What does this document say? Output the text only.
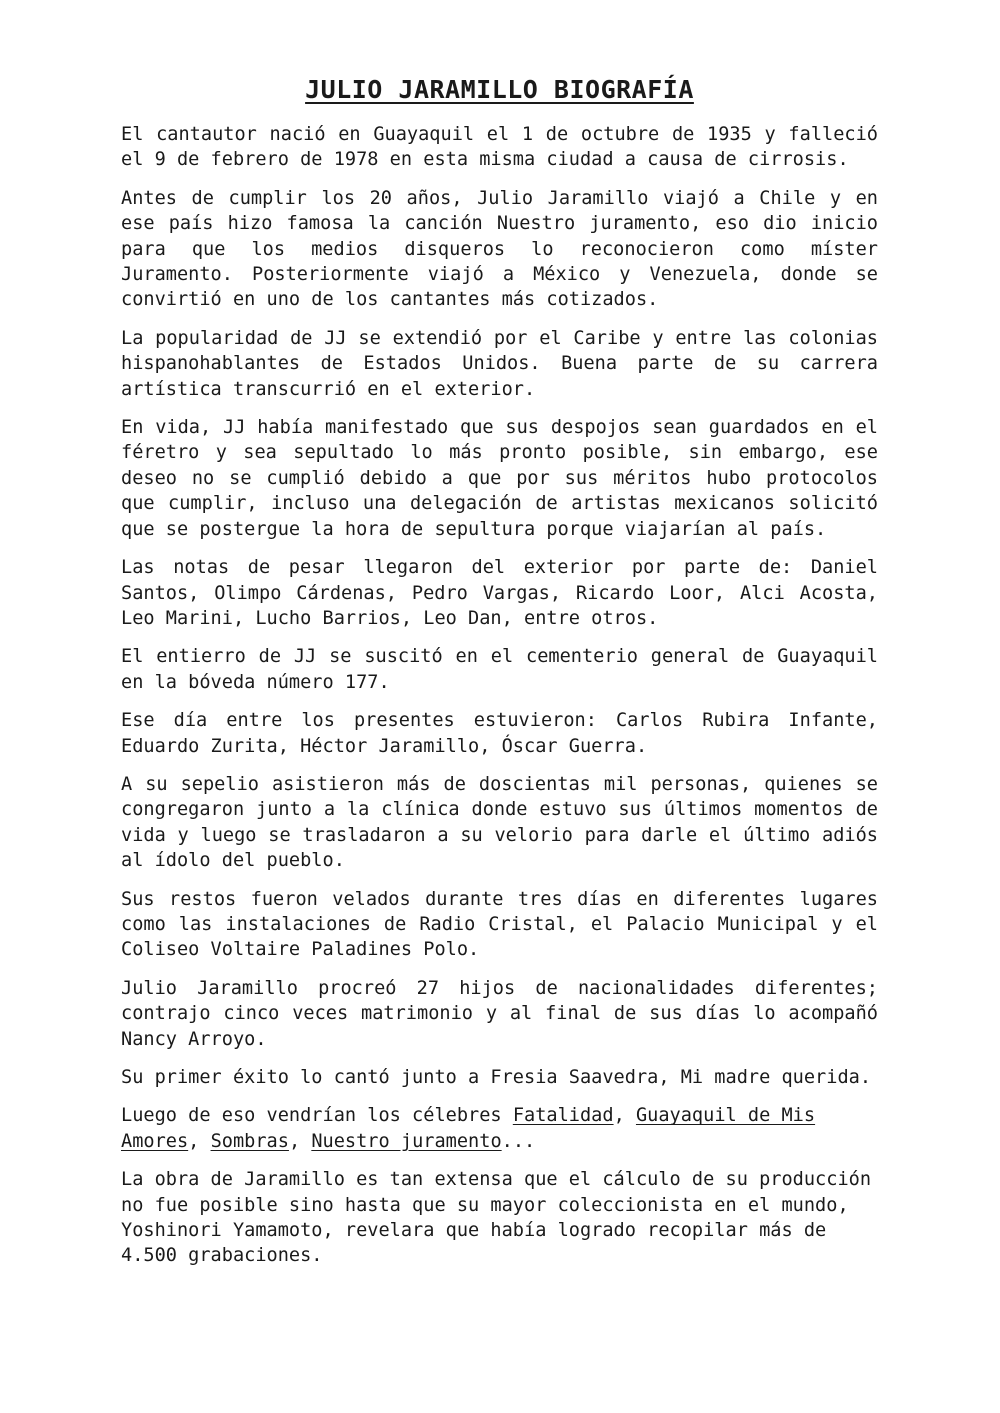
JULIO JARAMILLO BIOGRAFÍA

El cantautor nació en Guayaquil el 1 de octubre de 1935 y falleció el 9 de febrero de 1978 en esta misma ciudad a causa de cirrosis.

Antes de cumplir los 20 años, Julio Jaramillo viajó a Chile y en ese país hizo famosa la canción Nuestro juramento, eso dio inicio para que los medios disqueros lo reconocieron como míster Juramento. Posteriormente viajó a México y Venezuela, donde se convirtió en uno de los cantantes más cotizados.

La popularidad de JJ se extendió por el Caribe y entre las colonias hispanohablantes de Estados Unidos. Buena parte de su carrera artística transcurrió en el exterior.

En vida, JJ había manifestado que sus despojos sean guardados en el féretro y sea sepultado lo más pronto posible, sin embargo, ese deseo no se cumplió debido a que por sus méritos hubo protocolos que cumplir, incluso una delegación de artistas mexicanos solicitó que se postergue la hora de sepultura porque viajarían al país.

Las notas de pesar llegaron del exterior por parte de: Daniel Santos, Olimpo Cárdenas, Pedro Vargas, Ricardo Loor, Alci Acosta, Leo Marini, Lucho Barrios, Leo Dan, entre otros.

El entierro de JJ se suscitó en el cementerio general de Guayaquil en la bóveda número 177.

Ese día entre los presentes estuvieron: Carlos Rubira Infante, Eduardo Zurita, Héctor Jaramillo, Óscar Guerra.

A su sepelio asistieron más de doscientas mil personas, quienes se congregaron junto a la clínica donde estuvo sus últimos momentos de vida y luego se trasladaron a su velorio para darle el último adiós al ídolo del pueblo.

Sus restos fueron velados durante tres días en diferentes lugares como las instalaciones de Radio Cristal, el Palacio Municipal y el Coliseo Voltaire Paladines Polo.

Julio Jaramillo procreó 27 hijos de nacionalidades diferentes; contrajo cinco veces matrimonio y al final de sus días lo acompañó Nancy Arroyo.

Su primer éxito lo cantó junto a Fresia Saavedra, Mi madre querida.

Luego de eso vendrían los célebres Fatalidad, Guayaquil de Mis Amores, Sombras, Nuestro juramento...

La obra de Jaramillo es tan extensa que el cálculo de su producción no fue posible sino hasta que su mayor coleccionista en el mundo, Yoshinori Yamamoto, revelara que había logrado recopilar más de 4.500 grabaciones.
